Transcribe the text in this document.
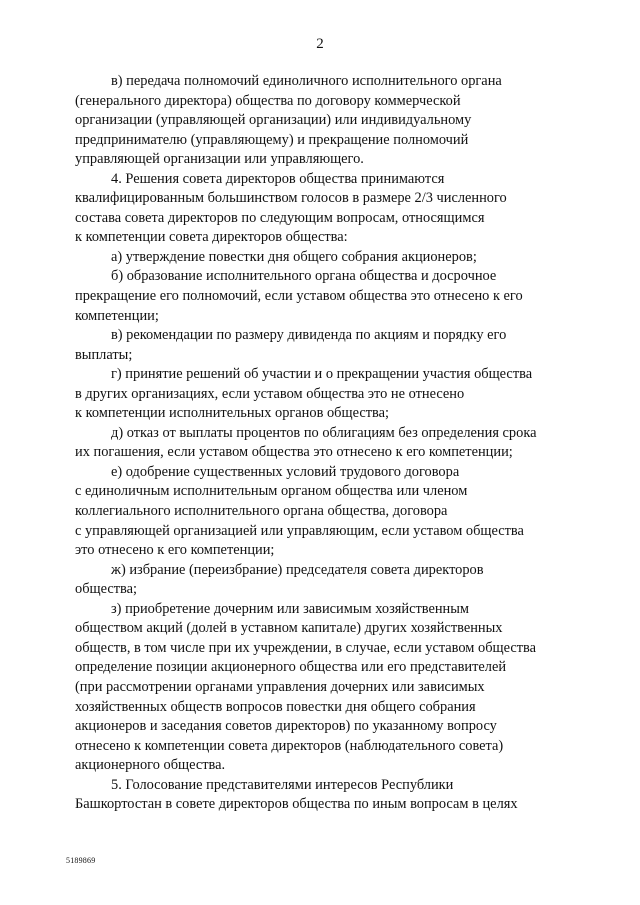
2

в) передача полномочий единоличного исполнительного органа
(генерального директора) общества по договору коммерческой
организации (управляющей организации) или индивидуальному
предпринимателю (управляющему) и прекращение полномочий
управляющей организации или управляющего.

4. Решения совета директоров общества принимаются
квалифицированным большинством голосов в размере 2/3 численного
состава совета директоров по следующим вопросам, относящимся
к компетенции совета директоров общества:

а) утверждение повестки дня общего собрания акционеров;

б) образование исполнительного органа общества и досрочное
прекращение его полномочий, если уставом общества это отнесено к его
компетенции;

в) рекомендации по размеру дивиденда по акциям и порядку его
выплаты;

г) принятие решений об участии и о прекращении участия общества
в других организациях, если уставом общества это не отнесено
к компетенции исполнительных органов общества;

д) отказ от выплаты процентов по облигациям без определения срока
их погашения, если уставом общества это отнесено к его компетенции;

е) одобрение существенных условий трудового договора
с единоличным исполнительным органом общества или членом
коллегиального исполнительного органа общества, договора
с управляющей организацией или управляющим, если уставом общества
это отнесено к его компетенции;

ж) избрание (переизбрание) председателя совета директоров
общества;

з) приобретение дочерним или зависимым хозяйственным
обществом акций (долей в уставном капитале) других хозяйственных
обществ, в том числе при их учреждении, в случае, если уставом общества
определение позиции акционерного общества или его представителей
(при рассмотрении органами управления дочерних или зависимых
хозяйственных обществ вопросов повестки дня общего собрания
акционеров и заседания советов директоров) по указанному вопросу
отнесено к компетенции совета директоров (наблюдательного совета)
акционерного общества.

5. Голосование представителями интересов Республики
Башкортостан в совете директоров общества по иным вопросам в целях

5189869
